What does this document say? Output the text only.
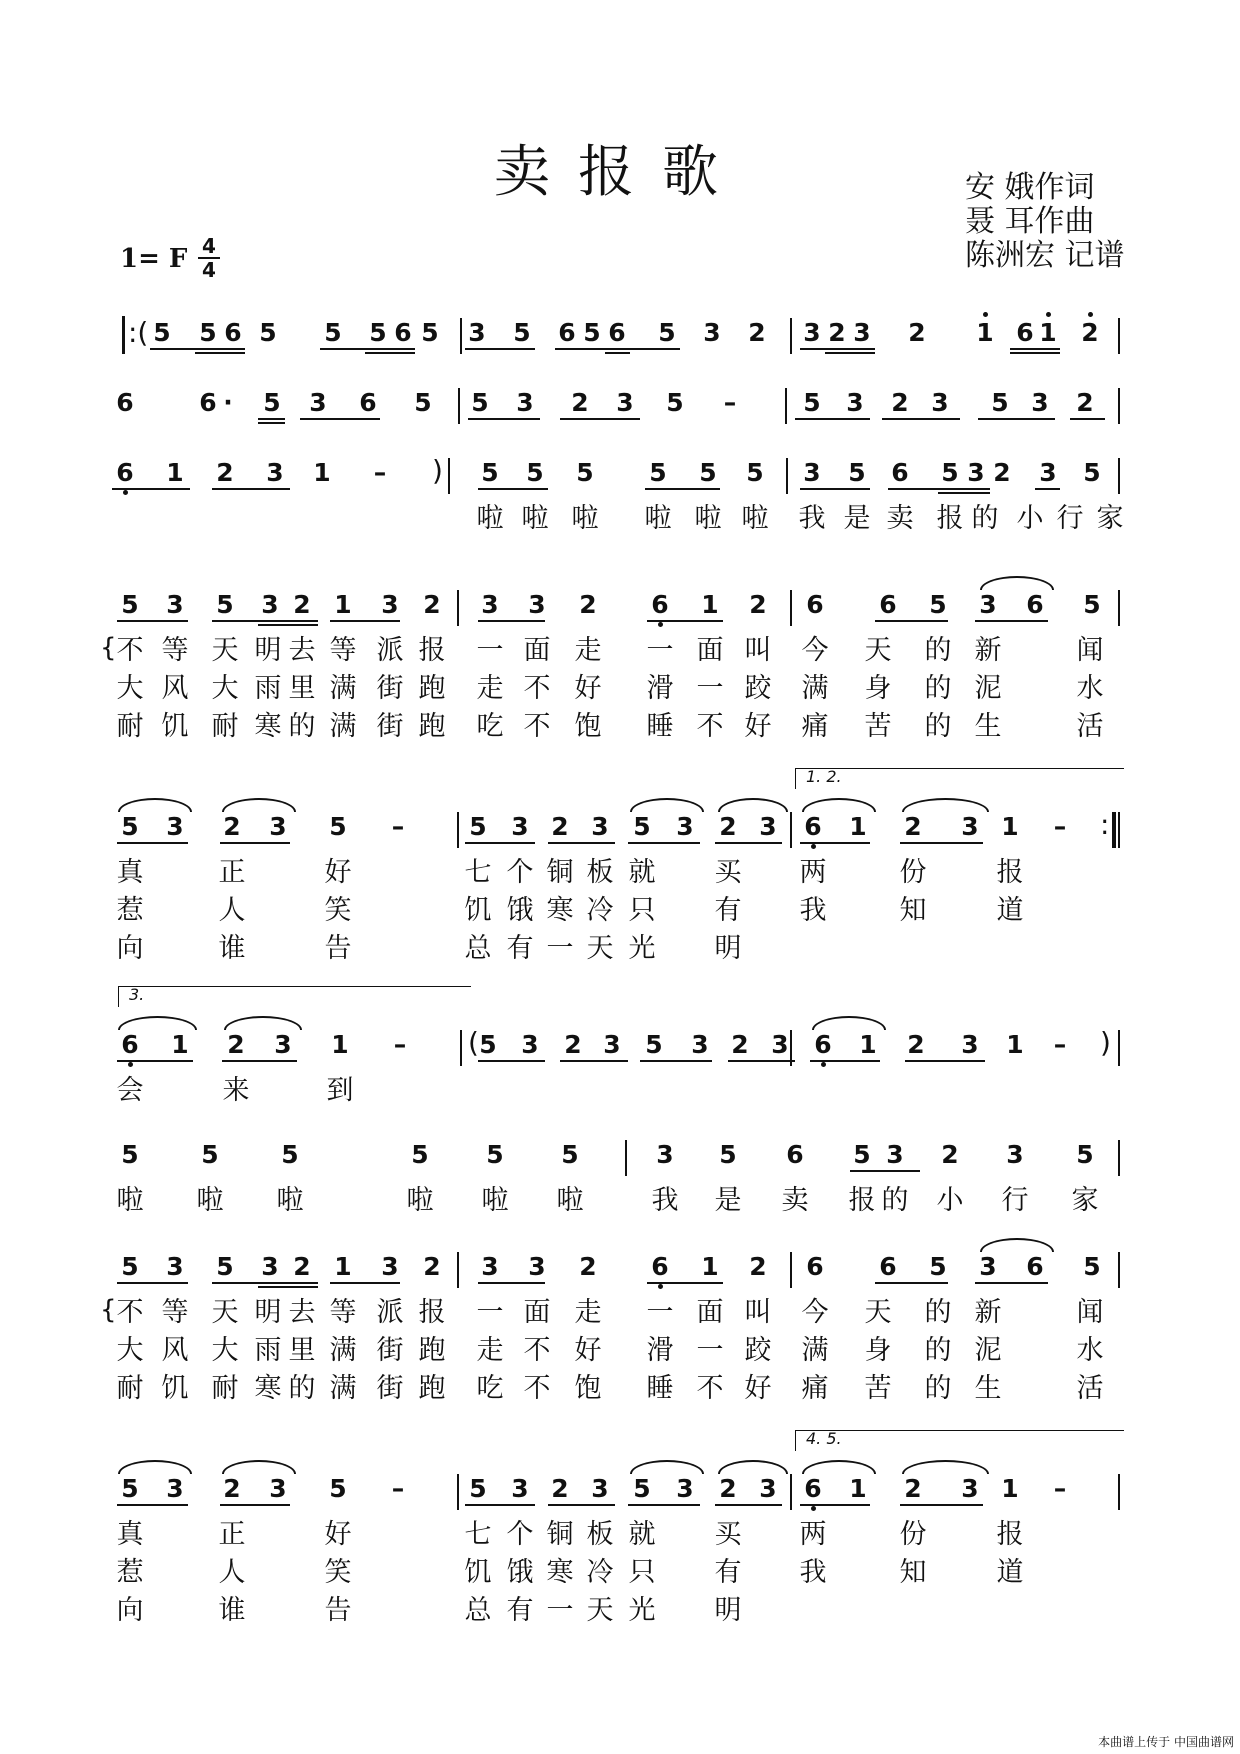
卖报歌	安 娥作词
聂 耳作曲
陈洲宏 记谱
1= F 4
4
:( 5 5 6 5 5 5 6 5 3 5 6 5 6 5 3 2 3 2 3 2 1 6 1 2
6	6 ·	5 3 6 5 5 3 2 3 5	–	5 3 2 3 5 3 2
6 1 2 3 1	–	) 5 5 5 5 5 5 3 5 6 5 3 2 3 5
啦 啦 啦 啦 啦 啦 我 是 卖 报 的 小 行 家
5 3 5 3 2 1 3 2 3 3 2 6 1 2 6 6 5 3 6 5
{ 不 等 天 明 去 等 派 报 一 面 走 一 面 叫 今 天 的 新	闻
大 风 大 雨 里 满 街 跑 走 不 好 滑 一 跤 满 身 的 泥	水
耐 饥 耐 寒 的 满 街 跑 吃 不 饱 睡 不 好 痛 苦 的 生	活
5 3 2 3 5	–	5 3 2 3 5 3 2 3 6 1 2 3 1	–
1. 2.
真	正	好	七 个 铜 板 就 买 两	份	报
惹	人	笑	饥 饿 寒 冷 只 有 我	知	道
向	谁	告	总 有 一 天 光 明
:
3.
6 1 2 3 1	–	5 3 2 3 5 3 2 3 6 1 2 3 1	–
(	)
会	来	到
5	5	5	5 5 5	3 5 6 5 3 2 3 5
啦 啦 啦	啦 啦 啦	我 是 卖 报 的 小 行 家
5 3 5 3 2 1 3 2 3 3 2 6 1 2 6 6 5 3 6 5
{ 不 等 天 明 去 等 派 报 一 面 走 一 面 叫 今 天 的 新	闻
大 风 大 雨 里 满 街 跑 走 不 好 滑 一 跤 满 身 的 泥	水
耐 饥 耐 寒 的 满 街 跑 吃 不 饱 睡 不 好 痛 苦 的 生	活
5 3 2 3 5	–	5 3 2 3 5 3 2 3 6 1 2 3 1	–
4. 5.
真	正	好	七 个 铜 板 就 买 两	份	报
惹	人	笑	饥 饿 寒 冷 只 有 我	知	道
向	谁	告	总 有 一 天 光 明
本曲谱上传于 中国曲谱网
